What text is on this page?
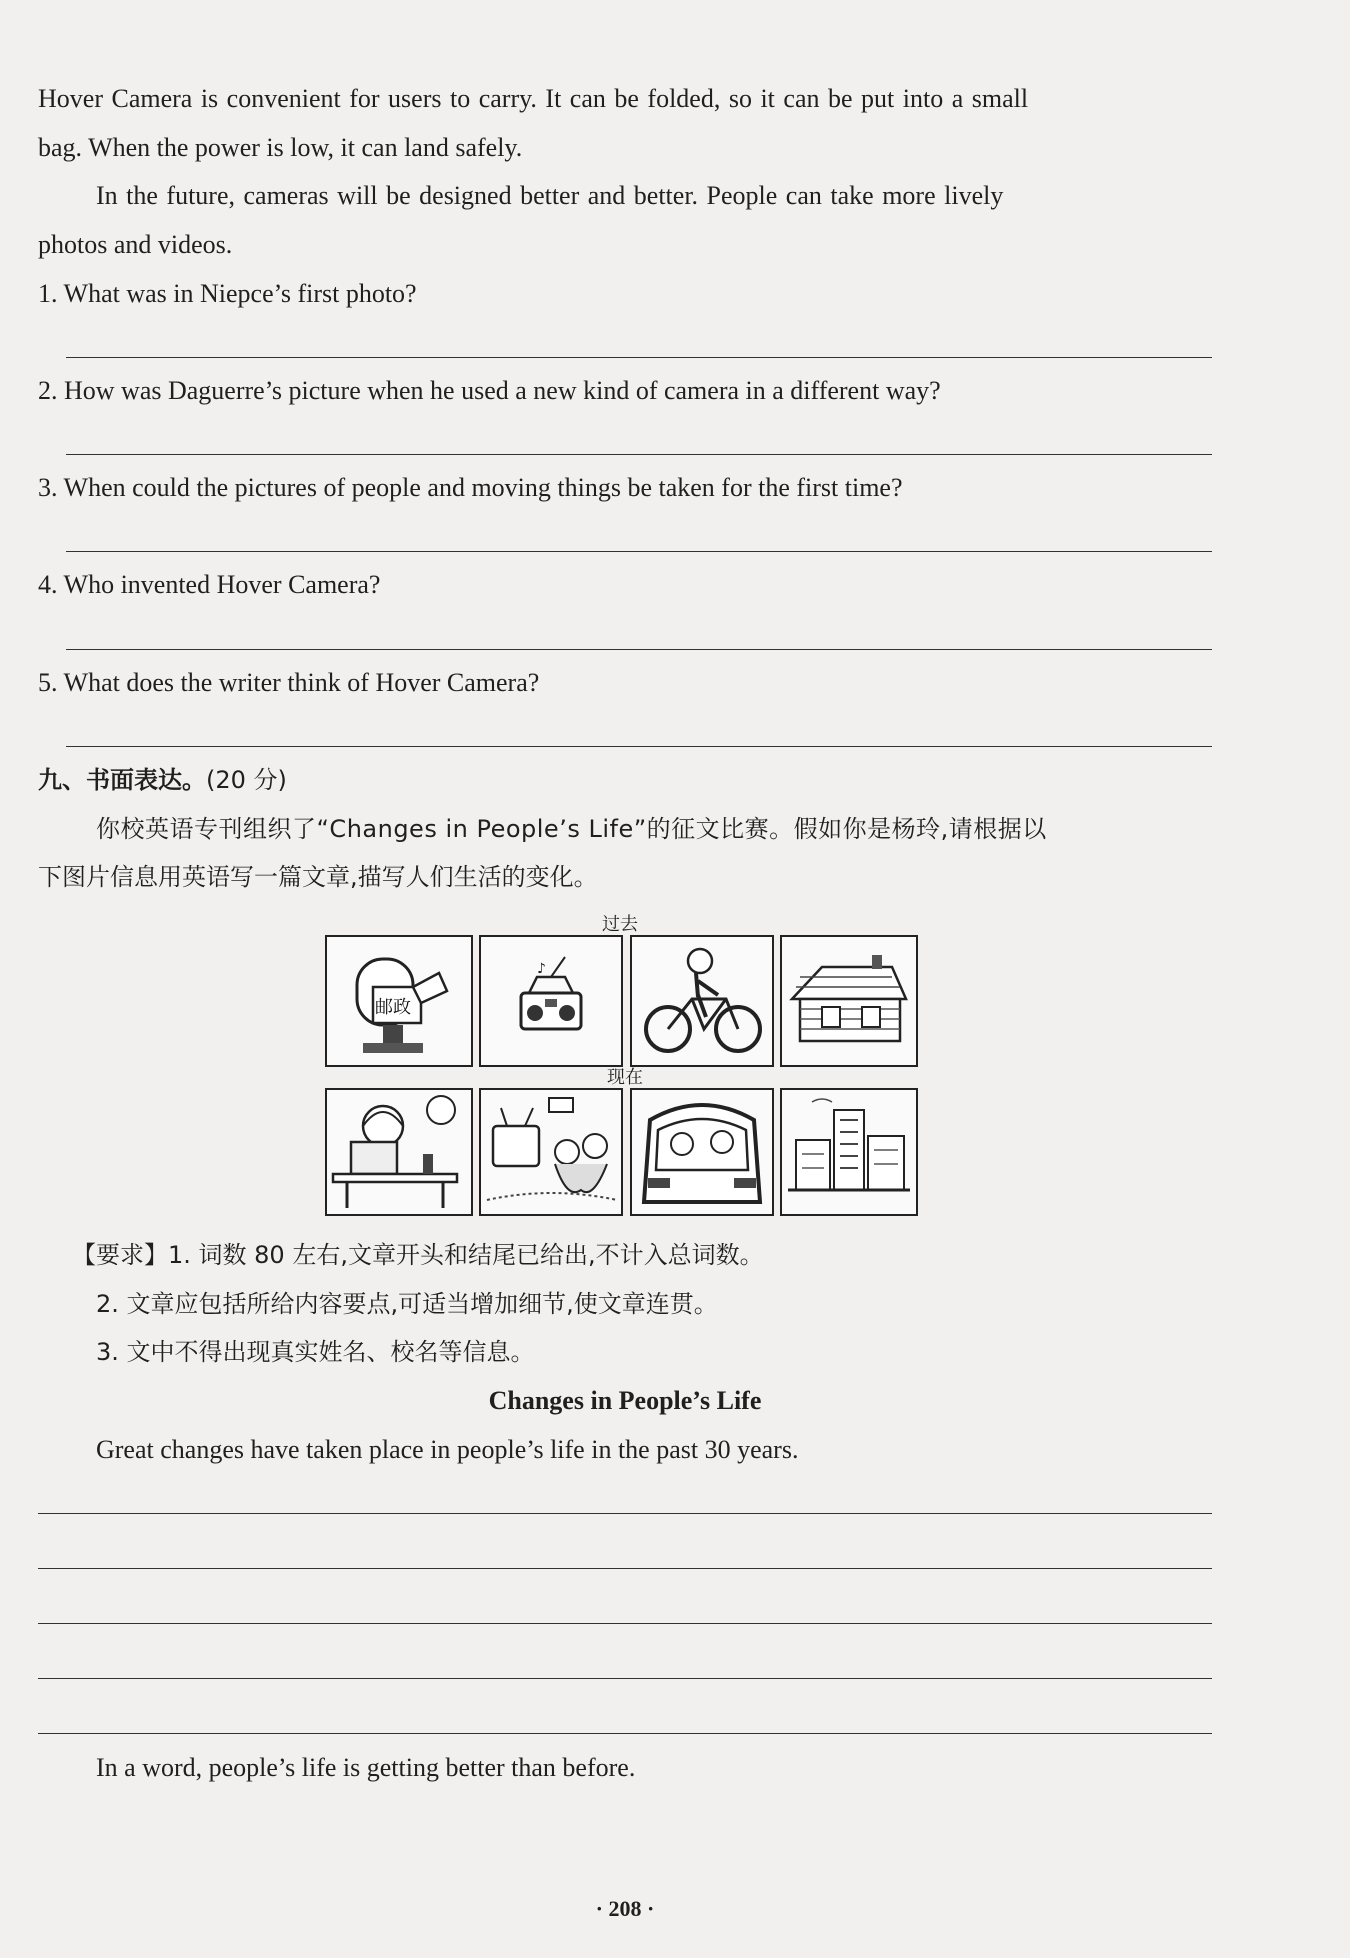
Hover Camera is convenient for users to carry. It can be folded, so it can be put into a small
bag. When the power is low, it can land safely.
In the future, cameras will be designed better and better. People can take more lively
photos and videos.
1. What was in Niepce’s first photo?
2. How was Daguerre’s picture when he used a new kind of camera in a different way?
3. When could the pictures of people and moving things be taken for the first time?
4. Who invented Hover Camera?
5. What does the writer think of Hover Camera?
九、书面表达。(20 分)
你校英语专刊组织了“Changes in People’s Life”的征文比赛。假如你是杨玲,请根据以
下图片信息用英语写一篇文章,描写人们生活的变化。
过去
现在
邮政
♪
【要求】1. 词数 80 左右,文章开头和结尾已给出,不计入总词数。
2. 文章应包括所给内容要点,可适当增加细节,使文章连贯。
3. 文中不得出现真实姓名、校名等信息。
Changes in People’s Life
Great changes have taken place in people’s life in the past 30 years.
In a word, people’s life is getting better than before.
· 208 ·
